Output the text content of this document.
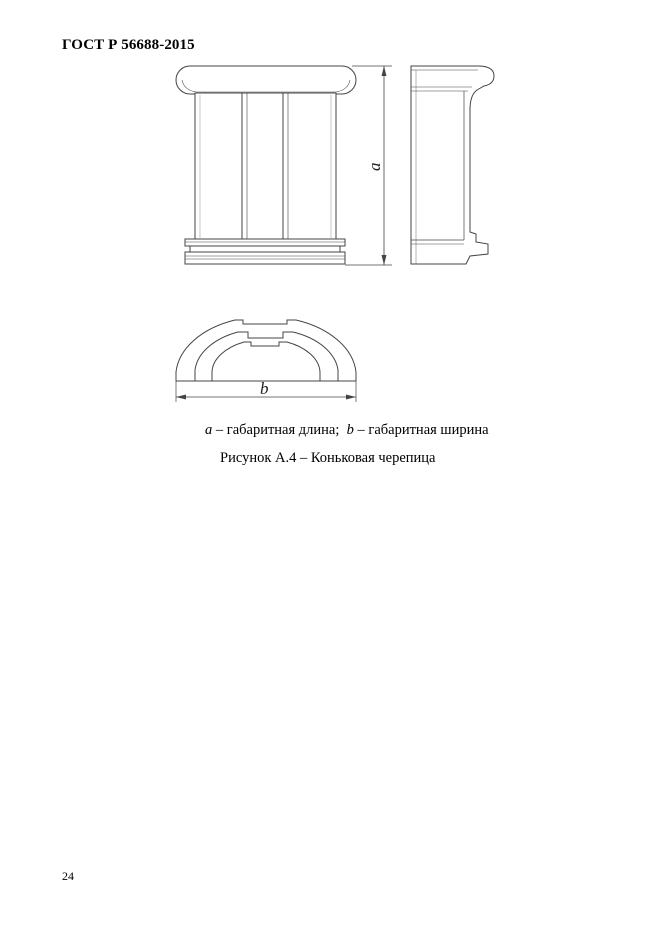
ГОСТ Р 56688-2015
a
b
a – габаритная длина; b – габаритная ширина
Рисунок А.4 – Коньковая черепица
24
